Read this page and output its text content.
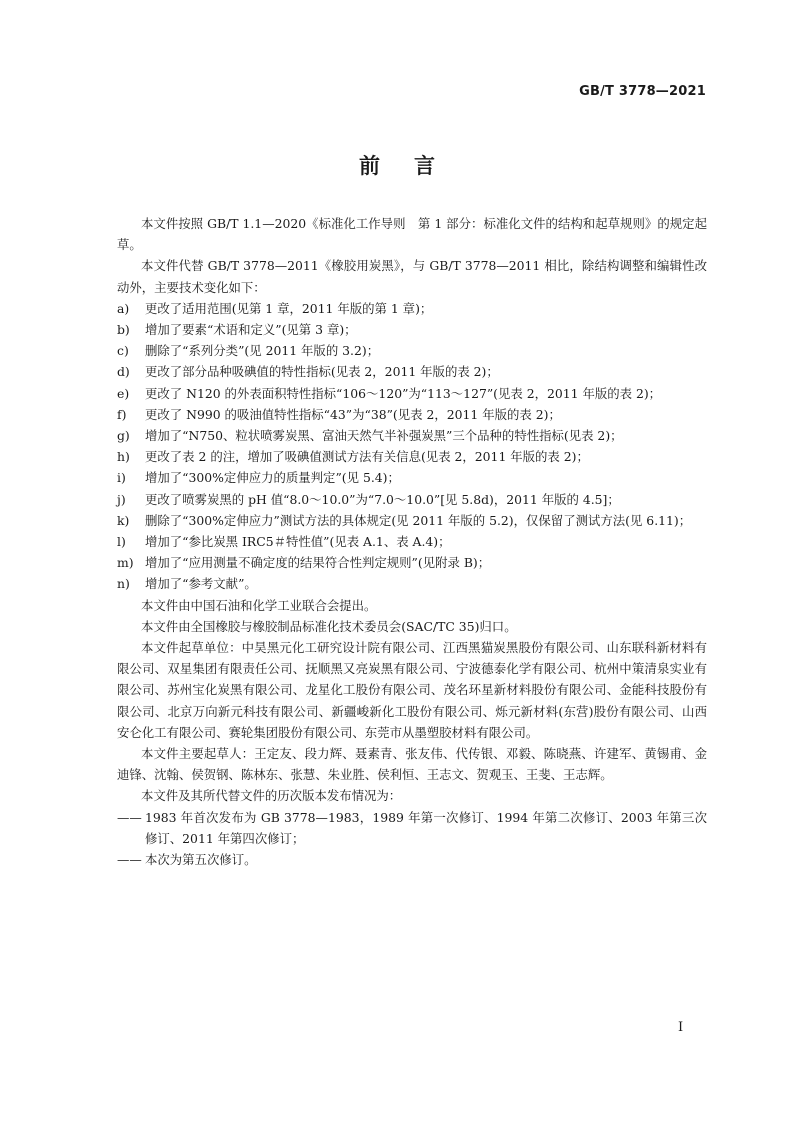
GB/T 3778—2021
前言

本文件按照 GB/T 1.1—2020《标准化工作导则　第 1 部分：标准化文件的结构和起草规则》的规定起草。

本文件代替 GB/T 3778—2011《橡胶用炭黑》，与 GB/T 3778—2011 相比，除结构调整和编辑性改动外，主要技术变化如下：

a)	更改了适用范围(见第 1 章，2011 年版的第 1 章)；
b)	增加了要素“术语和定义”(见第 3 章)；
c)	删除了“系列分类”(见 2011 年版的 3.2)；
d)	更改了部分品种吸碘值的特性指标(见表 2，2011 年版的表 2)；
e)	更改了 N120 的外表面积特性指标“106～120”为“113～127”(见表 2，2011 年版的表 2)；
f)	更改了 N990 的吸油值特性指标“43”为“38”(见表 2，2011 年版的表 2)；
g)	增加了“N750、粒状喷雾炭黑、富油天然气半补强炭黑”三个品种的特性指标(见表 2)；
h)	更改了表 2 的注，增加了吸碘值测试方法有关信息(见表 2，2011 年版的表 2)；
i)	增加了“300%定伸应力的质量判定”(见 5.4)；
j)	更改了喷雾炭黑的 pH 值“8.0～10.0”为“7.0～10.0”[见 5.8d)，2011 年版的 4.5]；
k)	删除了“300%定伸应力”测试方法的具体规定(见 2011 年版的 5.2)，仅保留了测试方法(见 6.11)；
l)	增加了“参比炭黑 IRC5＃特性值”(见表 A.1、表 A.4)；
m) 增加了“应用测量不确定度的结果符合性判定规则”(见附录 B)；
n)	增加了“参考文献”。

本文件由中国石油和化学工业联合会提出。

本文件由全国橡胶与橡胶制品标准化技术委员会(SAC/TC 35)归口。

本文件起草单位：中昊黑元化工研究设计院有限公司、江西黑猫炭黑股份有限公司、山东联科新材料有限公司、双星集团有限责任公司、抚顺黑又亮炭黑有限公司、宁波德泰化学有限公司、杭州中策清泉实业有限公司、苏州宝化炭黑有限公司、龙星化工股份有限公司、茂名环星新材料股份有限公司、金能科技股份有限公司、北京万向新元科技有限公司、新疆峻新化工股份有限公司、烁元新材料(东营)股份有限公司、山西安仑化工有限公司、赛轮集团股份有限公司、东莞市从墨塑胶材料有限公司。

本文件主要起草人：王定友、段力辉、聂素青、张友伟、代传银、邓毅、陈晓燕、许建军、黄锡甫、金迪锋、沈翰、侯贺钢、陈林东、张慧、朱业胜、侯利恒、王志文、贺观玉、王斐、王志辉。

本文件及其所代替文件的历次版本发布情况为：

—— 1983 年首次发布为 GB 3778—1983，1989 年第一次修订、1994 年第二次修订、2003 年第三次修订、2011 年第四次修订；
—— 本次为第五次修订。
I
